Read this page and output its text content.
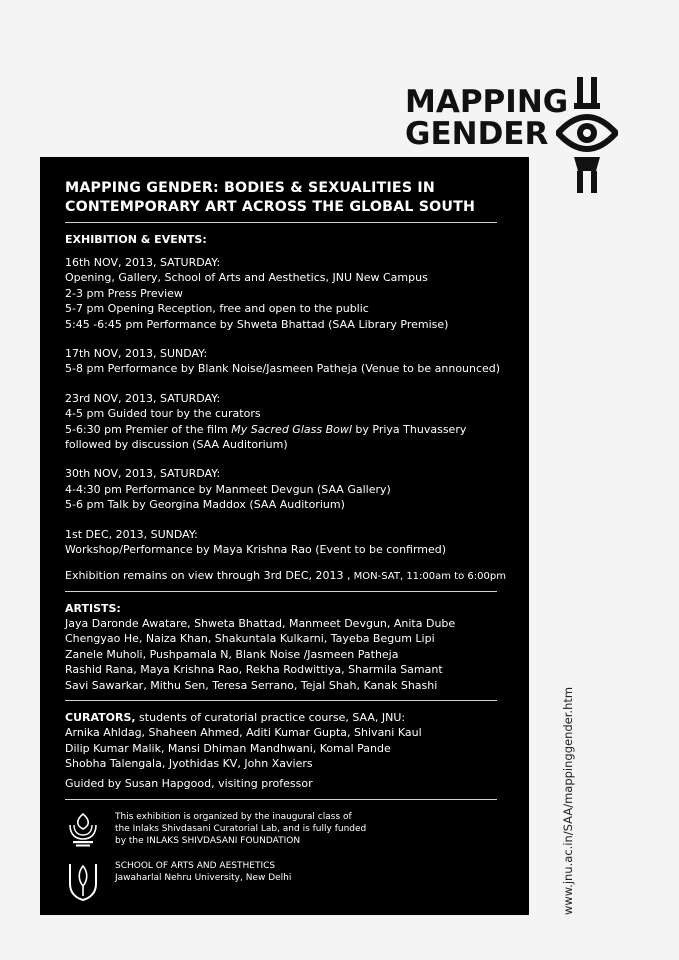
MAPPING
GENDER
MAPPING GENDER: BODIES & SEXUALITIES IN
CONTEMPORARY ART ACROSS THE GLOBAL SOUTH
EXHIBITION & EVENTS:
16th NOV, 2013, SATURDAY:
Opening, Gallery, School of Arts and Aesthetics, JNU New Campus
2-3 pm Press Preview
5-7 pm Opening Reception, free and open to the public
5:45 -6:45 pm Performance by Shweta Bhattad (SAA Library Premise)
17th NOV, 2013, SUNDAY:
5-8 pm Performance by Blank Noise/Jasmeen Patheja (Venue to be announced)
23rd NOV, 2013, SATURDAY:
4-5 pm Guided tour by the curators
5-6:30 pm Premier of the film My Sacred Glass Bowl by Priya Thuvassery
followed by discussion (SAA Auditorium)
30th NOV, 2013, SATURDAY:
4-4:30 pm Performance by Manmeet Devgun (SAA Gallery)
5-6 pm Talk by Georgina Maddox (SAA Auditorium)
1st DEC, 2013, SUNDAY:
Workshop/Performance by Maya Krishna Rao (Event to be confirmed)
Exhibition remains on view through 3rd DEC, 2013 , MON-SAT, 11:00am to 6:00pm
ARTISTS:
Jaya Daronde Awatare, Shweta Bhattad, Manmeet Devgun, Anita Dube
Chengyao He, Naiza Khan, Shakuntala Kulkarni, Tayeba Begum Lipi
Zanele Muholi, Pushpamala N, Blank Noise /Jasmeen Patheja
Rashid Rana, Maya Krishna Rao, Rekha Rodwittiya, Sharmila Samant
Savi Sawarkar, Mithu Sen, Teresa Serrano, Tejal Shah, Kanak Shashi
CURATORS, students of curatorial practice course, SAA, JNU:
Arnika Ahldag, Shaheen Ahmed, Aditi Kumar Gupta, Shivani Kaul
Dilip Kumar Malik, Mansi Dhiman Mandhwani, Komal Pande
Shobha Talengala, Jyothidas KV, John Xaviers
Guided by Susan Hapgood, visiting professor
This exhibition is organized by the inaugural class of
the Inlaks Shivdasani Curatorial Lab, and is fully funded
by the INLAKS SHIVDASANI FOUNDATION
SCHOOL OF ARTS AND AESTHETICS
Jawaharlal Nehru University, New Delhi	www.jnu.ac.in/SAA/mappinggender.htm
